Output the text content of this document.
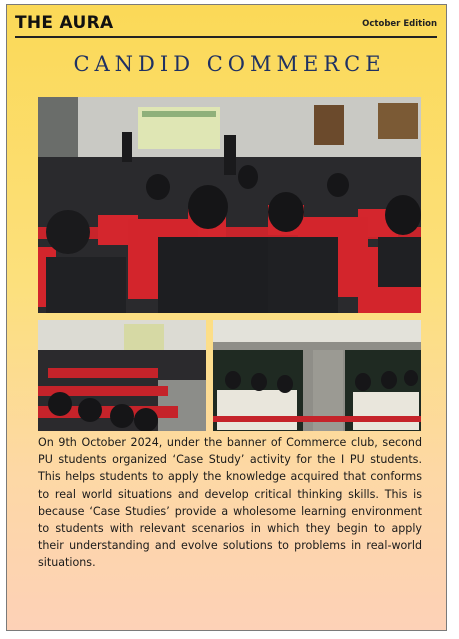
THE AURA	October Edition
CANDID COMMERCE

On 9th October 2024, under the banner of Commerce club, second PU students organized ‘Case Study’ activity for the I PU students. This helps students to apply the knowledge acquired that conforms to real world situations and develop critical thinking skills. This is because ‘Case Studies’ provide a wholesome learning environment to students with relevant scenarios in which they begin to apply their understanding and evolve solutions to problems in real-world situations.
